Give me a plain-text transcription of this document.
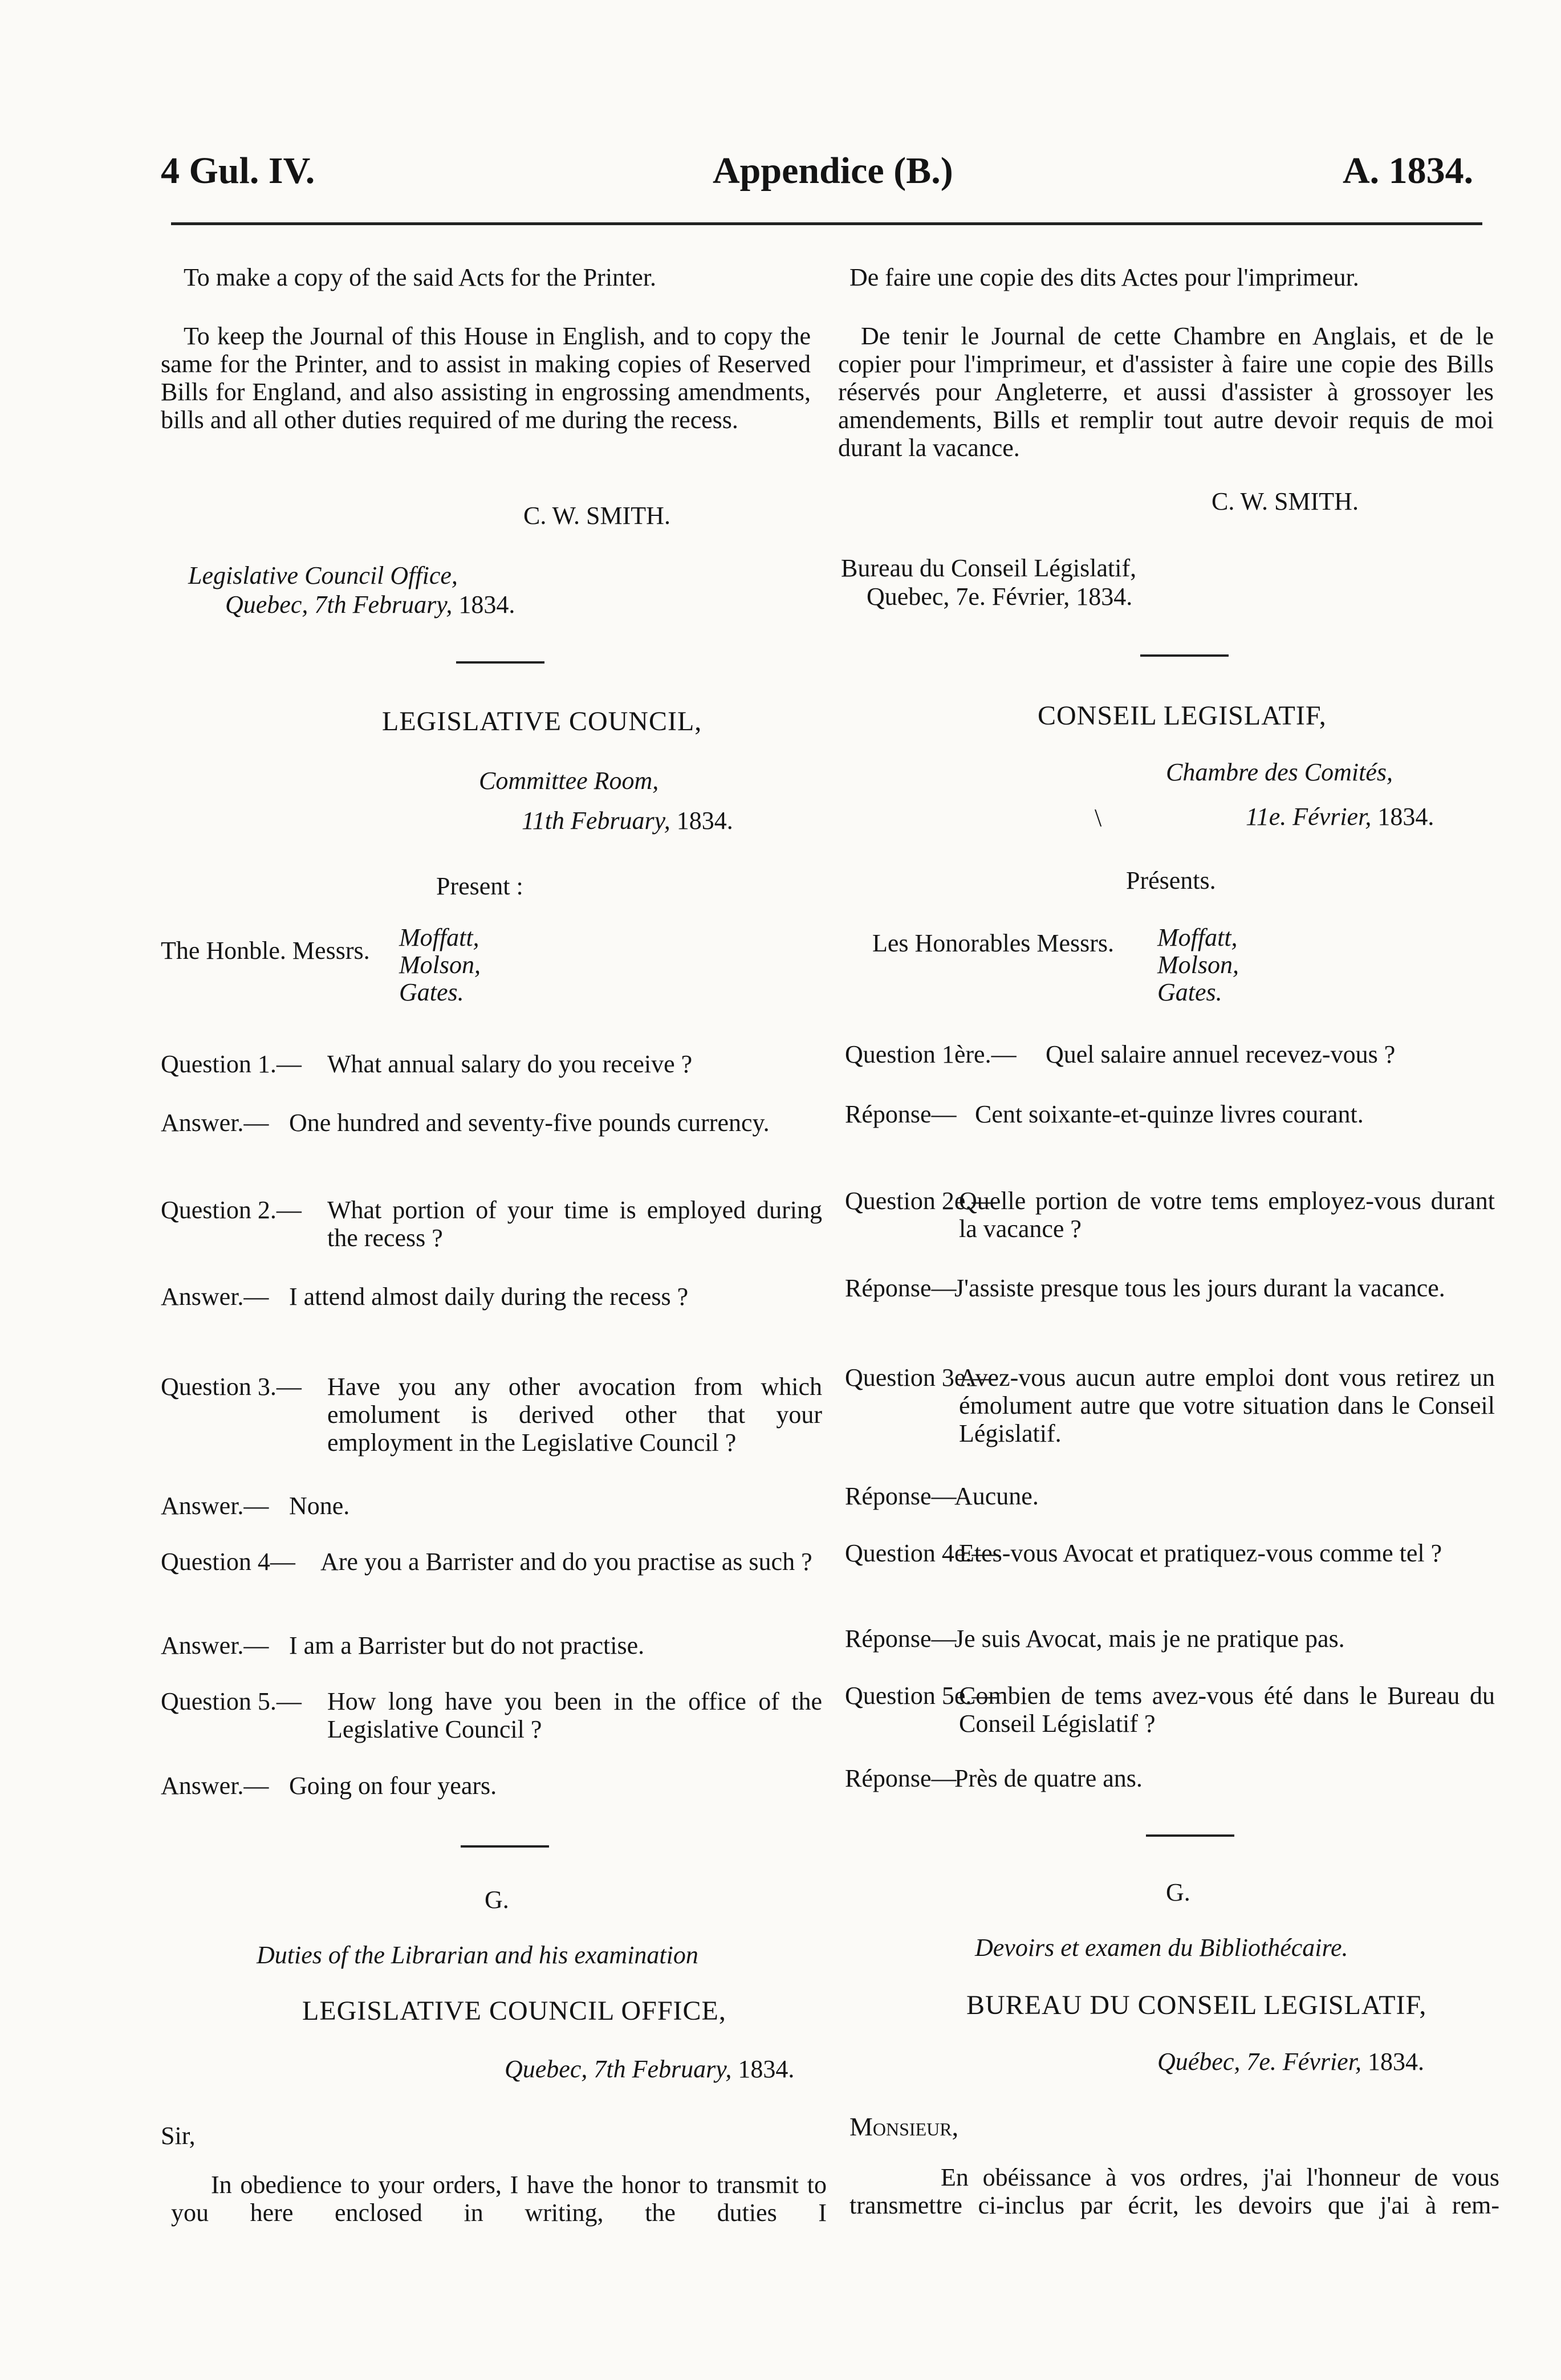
4 Gul. IV.	Appendice (B.)	A. 1834.
To make a copy of the said Acts for the Printer.
To keep the Journal of this House in English, and to copy the same for the Printer, and to assist in making copies of Reserved Bills for England, and also assisting in engrossing amendments, bills and all other duties required of me during the recess.
C. W. SMITH.
Legislative Council Office,
Quebec, 7th February, 1834.
LEGISLATIVE COUNCIL,
Committee Room,
11th February, 1834.
Present :
The Honble. Messrs. Moffatt,
Molson,
Gates.
Question 1.— What annual salary do you receive ?
Answer.— One hundred and seventy-five pounds currency.
Question 2.— What portion of your time is employed during the recess ?
Answer.— I attend almost daily during the recess ?
Question 3.— Have you any other avocation from which emolument is derived other that your employment in the Legislative Council ?
Answer.— None.
Question 4— Are you a Barrister and do you practise as such ?
Answer.— I am a Barrister but do not practise.
Question 5.— How long have you been in the office of the Legislative Council ?
Answer.— Going on four years.
G.
Duties of the Librarian and his examination
LEGISLATIVE COUNCIL OFFICE,
Quebec, 7th February, 1834.
Sir,
In obedience to your orders, I have the honor to transmit to you here enclosed in writing, the duties I
De faire une copie des dits Actes pour l'imprimeur.
De tenir le Journal de cette Chambre en Anglais, et de le copier pour l'imprimeur, et d'assister à faire une copie des Bills réservés pour Angleterre, et aussi d'assister à grossoyer les amendements, Bills et remplir tout autre devoir requis de moi durant la vacance.
C. W. SMITH.
Bureau du Conseil Législatif,
Quebec, 7e. Février, 1834.
CONSEIL LEGISLATIF,
Chambre des Comités,
\	11e. Février, 1834.
Présents.
Les Honorables Messrs. Moffatt,
Molson,
Gates.
Question 1ère.— Quel salaire annuel recevez-vous ?
Réponse— Cent soixante-et-quinze livres courant.
Question 2e.—
Quelle portion de votre tems employez-vous durant la vacance ?
Réponse—
J'assiste presque tous les jours durant la vacance.
Question 3e.—
Avez-vous aucun autre emploi dont vous retirez un émolument autre que votre situation dans le Conseil Législatif.
Réponse—
Aucune.
Question 4e.—
Etes-vous Avocat et pratiquez-vous comme tel ?
Réponse—
Je suis Avocat, mais je ne pratique pas.
Question 5e.—
Combien de tems avez-vous été dans le Bureau du Conseil Législatif ?
Réponse—
Près de quatre ans.
G.
Devoirs et examen du Bibliothécaire.
BUREAU DU CONSEIL LEGISLATIF,
Québec, 7e. Février, 1834.
Monsieur,
En obéissance à vos ordres, j'ai l'honneur de vous transmettre ci-inclus par écrit, les devoirs que j'ai à rem-
